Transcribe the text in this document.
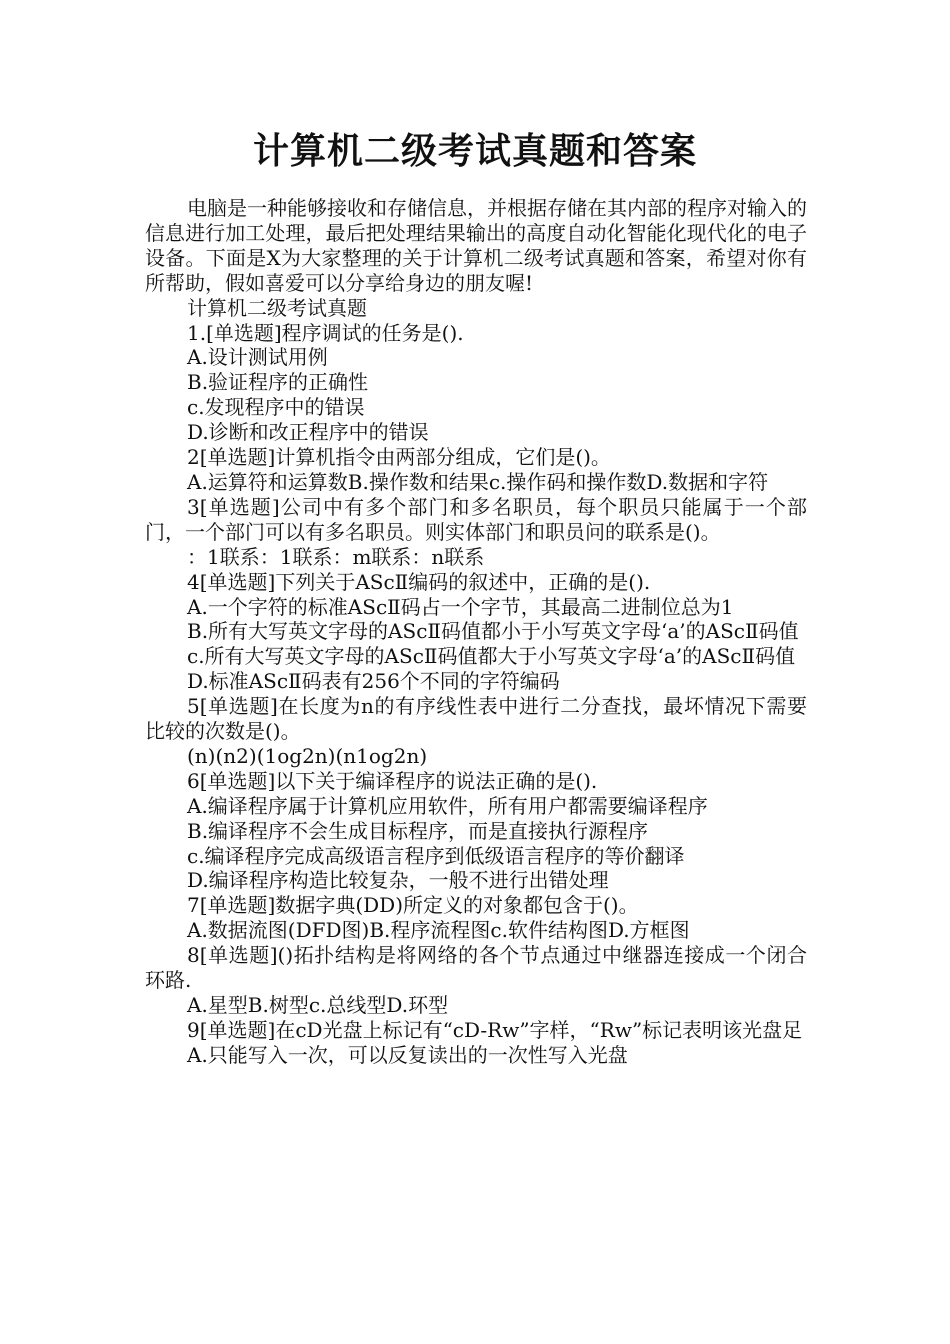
计算机二级考试真题和答案

电脑是一种能够接收和存储信息，并根据存储在其内部的程序对输入的信息进行加工处理，最后把处理结果输出的高度自动化智能化现代化的电子设备。下面是X为大家整理的关于计算机二级考试真题和答案，希望对你有所帮助，假如喜爱可以分享给身边的朋友喔!

计算机二级考试真题

1.[单选题]程序调试的任务是().

A.设计测试用例

B.验证程序的正确性

c.发现程序中的错误

D.诊断和改正程序中的错误

2[单选题]计算机指令由两部分组成，它们是()。

A.运算符和运算数B.操作数和结果c.操作码和操作数D.数据和字符

3[单选题]公司中有多个部门和多名职员，每个职员只能属于一个部门，一个部门可以有多名职员。则实体部门和职员问的联系是()。

：1联系：1联系：m联系：n联系

4[单选题]下列关于AScⅡ编码的叙述中，正确的是().

A.一个字符的标准AScⅡ码占一个字节，其最高二进制位总为1

B.所有大写英文字母的AScⅡ码值都小于小写英文字母‘a’的AScⅡ码值

c.所有大写英文字母的AScⅡ码值都大于小写英文字母‘a’的AScⅡ码值

D.标准AScⅡ码表有256个不同的字符编码

5[单选题]在长度为n的有序线性表中进行二分查找，最坏情况下需要比较的次数是()。

(n)(n2)(1og2n)(n1og2n)

6[单选题]以下关于编译程序的说法正确的是().

A.编译程序属于计算机应用软件，所有用户都需要编译程序

B.编译程序不会生成目标程序，而是直接执行源程序

c.编译程序完成高级语言程序到低级语言程序的等价翻译

D.编译程序构造比较复杂，一般不进行出错处理

7[单选题]数据字典(DD)所定义的对象都包含于()。

A.数据流图(DFD图)B.程序流程图c.软件结构图D.方框图

8[单选题]()拓扑结构是将网络的各个节点通过中继器连接成一个闭合环路.

A.星型B.树型c.总线型D.环型

9[单选题]在cD光盘上标记有“cD-Rw”字样，“Rw”标记表明该光盘足

A.只能写入一次，可以反复读出的一次性写入光盘
